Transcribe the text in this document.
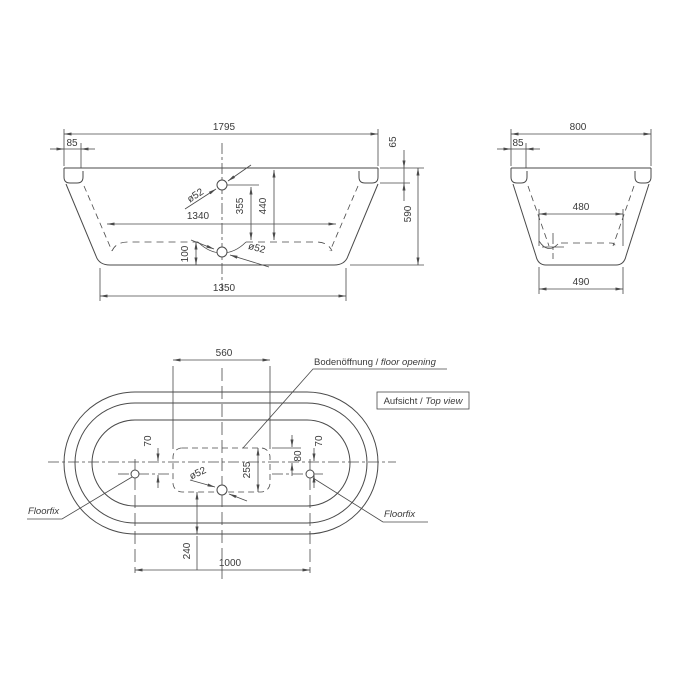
ø52
ø52
1795
85	65
590
355 440
1340
100
1350
800
85
480
490
560
70	70
80
255
ø52
240
1000
Bodenöffnung / floor opening
Aufsicht / Top view
Floorfix	Floorfix
